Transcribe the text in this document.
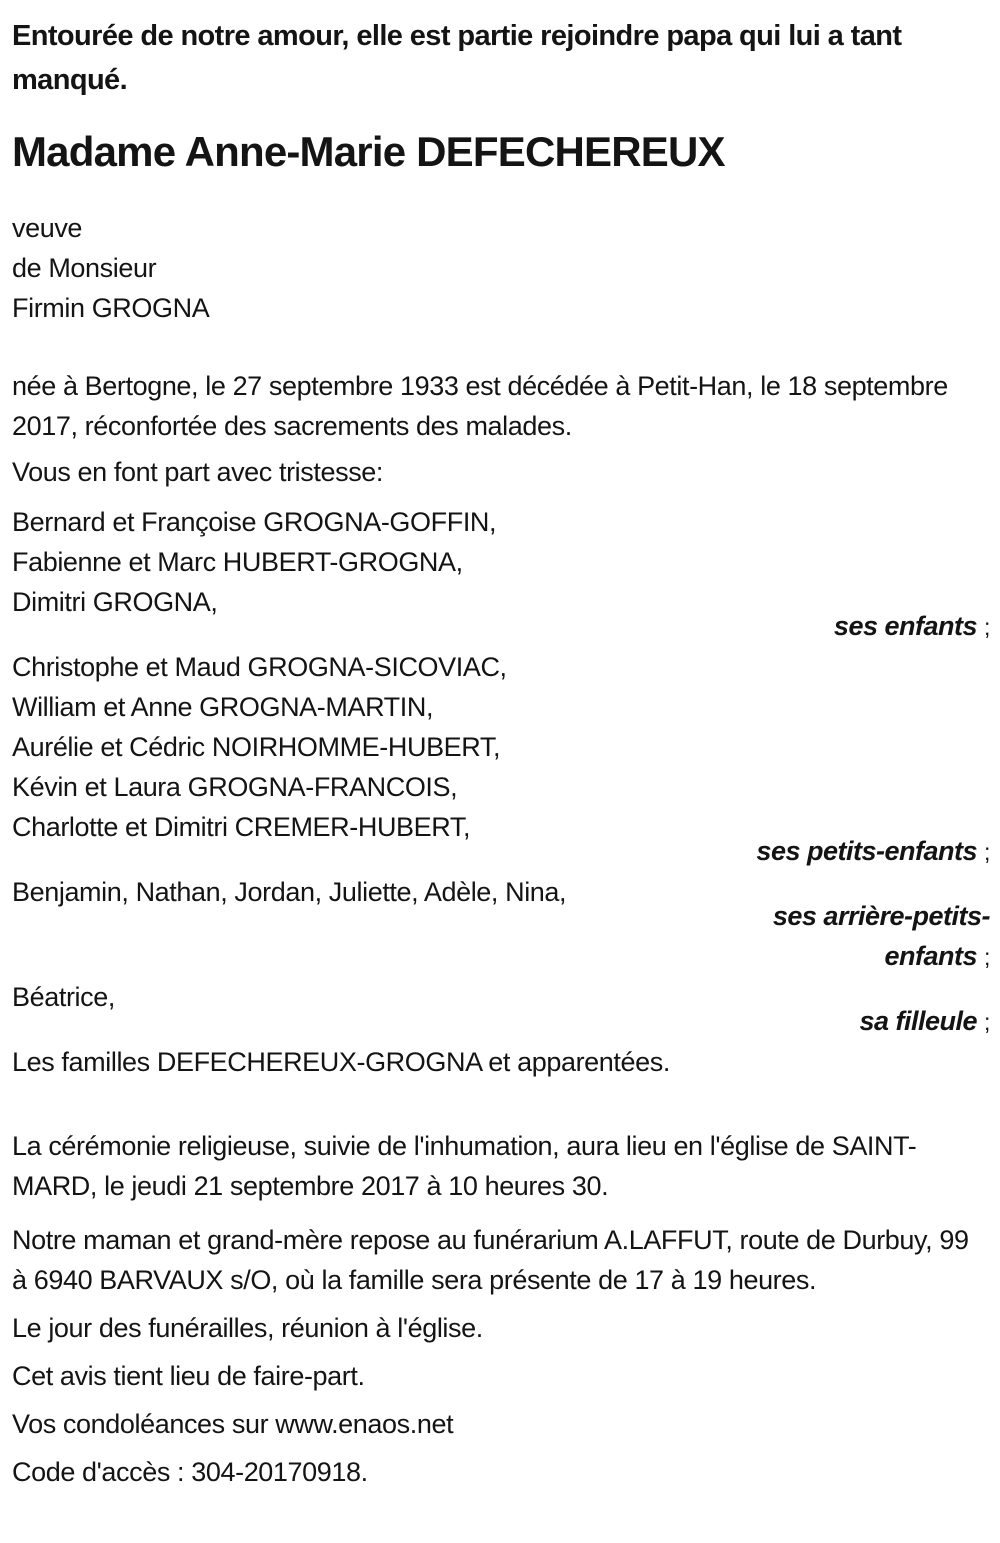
Entourée de notre amour, elle est partie rejoindre papa qui lui a tant manqué.

Madame Anne-Marie DEFECHEREUX

veuve

de Monsieur

Firmin GROGNA

née à Bertogne, le 27 septembre 1933 est décédée à Petit-Han, le 18 septembre 2017, réconfortée des sacrements des malades.

Vous en font part avec tristesse:

Bernard et Françoise GROGNA-GOFFIN,

Fabienne et Marc HUBERT-GROGNA,

Dimitri GROGNA,

ses enfants ;

Christophe et Maud GROGNA-SICOVIAC,

William et Anne GROGNA-MARTIN,

Aurélie et Cédric NOIRHOMME-HUBERT,

Kévin et Laura GROGNA-FRANCOIS,

Charlotte et Dimitri CREMER-HUBERT,

ses petits-enfants ;

Benjamin, Nathan, Jordan, Juliette, Adèle, Nina,

ses arrière-petits-enfants ;

Béatrice,

sa filleule ;

Les familles DEFECHEREUX-GROGNA et apparentées.

La cérémonie religieuse, suivie de l'inhumation, aura lieu en l'église de SAINT-MARD, le jeudi 21 septembre 2017 à 10 heures 30.

Notre maman et grand-mère repose au funérarium A.LAFFUT, route de Durbuy, 99 à 6940 BARVAUX s/O, où la famille sera présente de 17 à 19 heures.

Le jour des funérailles, réunion à l'église.

Cet avis tient lieu de faire-part.

Vos condoléances sur www.enaos.net

Code d'accès : 304-20170918.
